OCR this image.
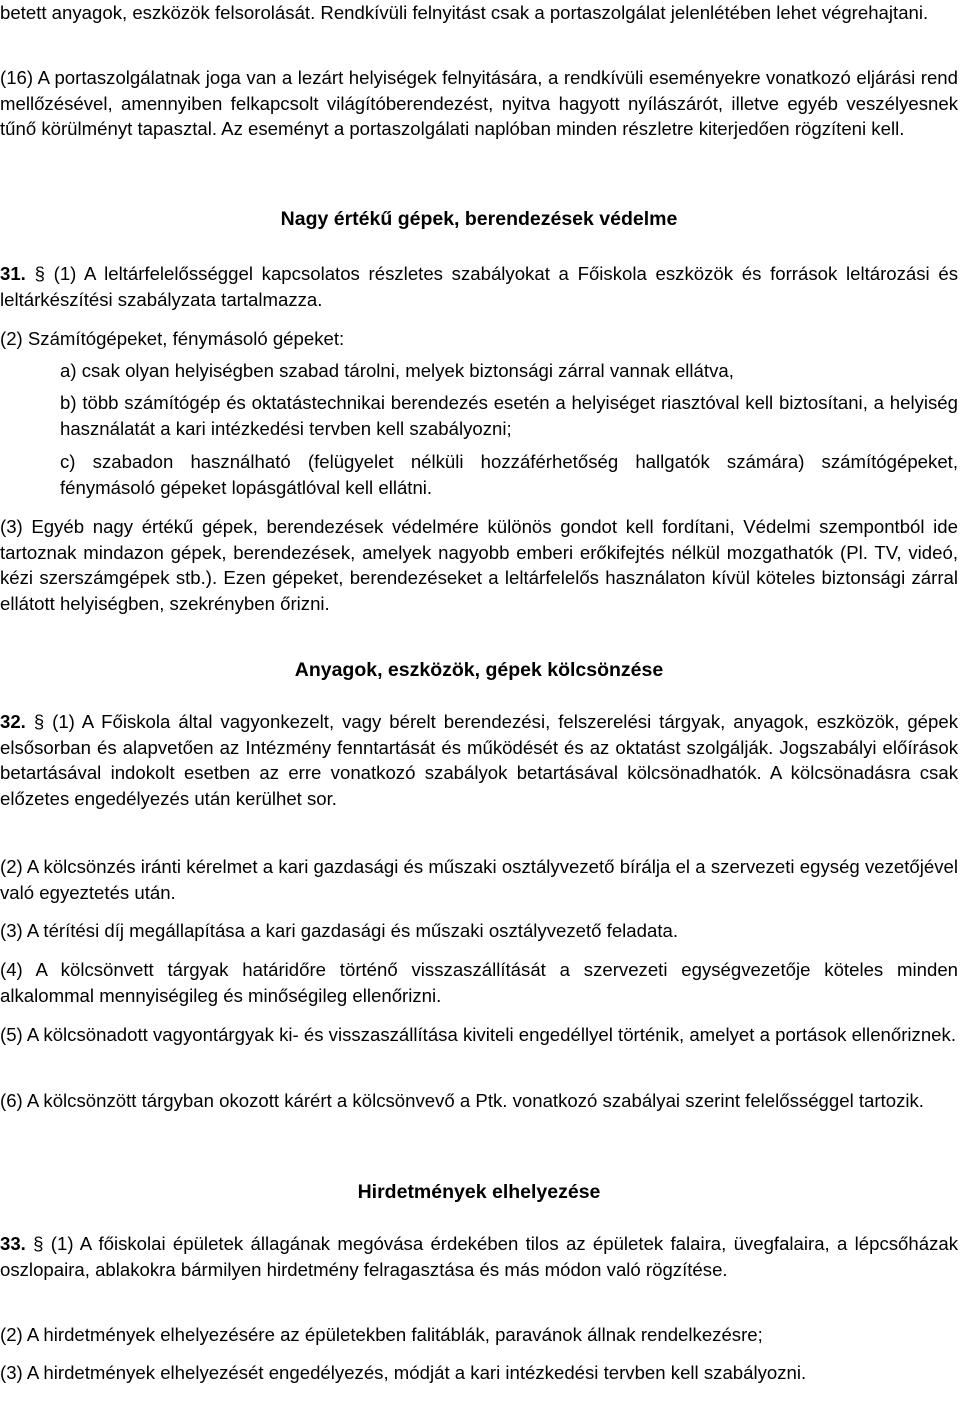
betett anyagok, eszközök felsorolását. Rendkívüli felnyitást csak a portaszolgálat jelenlétében lehet végrehajtani.

(16) A portaszolgálatnak joga van a lezárt helyiségek felnyitására, a rendkívüli eseményekre vonatkozó eljárási rend mellőzésével, amennyiben felkapcsolt világítóberendezést, nyitva hagyott nyílászárót, illetve egyéb veszélyesnek tűnő körülményt tapasztal. Az eseményt a portaszolgálati naplóban minden részletre kiterjedően rögzíteni kell.

Nagy értékű gépek, berendezések védelme

31. § (1) A leltárfelelősséggel kapcsolatos részletes szabályokat a Főiskola eszközök és források leltározási és leltárkészítési szabályzata tartalmazza.

(2) Számítógépeket, fénymásoló gépeket:

a) csak olyan helyiségben szabad tárolni, melyek biztonsági zárral vannak ellátva,

b) több számítógép és oktatástechnikai berendezés esetén a helyiséget riasztóval kell biztosítani, a helyiség használatát a kari intézkedési tervben kell szabályozni;

c) szabadon használható (felügyelet nélküli hozzáférhetőség hallgatók számára) számítógépeket, fénymásoló gépeket lopásgátlóval kell ellátni.

(3) Egyéb nagy értékű gépek, berendezések védelmére különös gondot kell fordítani, Védelmi szempontból ide tartoznak mindazon gépek, berendezések, amelyek nagyobb emberi erőkifejtés nélkül mozgathatók (Pl. TV, videó, kézi szerszámgépek stb.). Ezen gépeket, berendezéseket a leltárfelelős használaton kívül köteles biztonsági zárral ellátott helyiségben, szekrényben őrizni.

Anyagok, eszközök, gépek kölcsönzése

32. § (1) A Főiskola által vagyonkezelt, vagy bérelt berendezési, felszerelési tárgyak, anyagok, eszközök, gépek elsősorban és alapvetően az Intézmény fenntartását és működését és az oktatást szolgálják. Jogszabályi előírások betartásával indokolt esetben az erre vonatkozó szabályok betartásával kölcsönadhatók. A kölcsönadásra csak előzetes engedélyezés után kerülhet sor.

(2) A kölcsönzés iránti kérelmet a kari gazdasági és műszaki osztályvezető bírálja el a szervezeti egység vezetőjével való egyeztetés után.

(3) A térítési díj megállapítása a kari gazdasági és műszaki osztályvezető feladata.

(4) A kölcsönvett tárgyak határidőre történő visszaszállítását a szervezeti egységvezetője köteles minden alkalommal mennyiségileg és minőségileg ellenőrizni.

(5) A kölcsönadott vagyontárgyak ki- és visszaszállítása kiviteli engedéllyel történik, amelyet a portások ellenőriznek.

(6) A kölcsönzött tárgyban okozott kárért a kölcsönvevő a Ptk. vonatkozó szabályai szerint felelősséggel tartozik.

Hirdetmények elhelyezése

33. § (1) A főiskolai épületek állagának megóvása érdekében tilos az épületek falaira, üvegfalaira, a lépcsőházak oszlopaira, ablakokra bármilyen hirdetmény felragasztása és más módon való rögzítése.

(2) A hirdetmények elhelyezésére az épületekben falitáblák, paravánok állnak rendelkezésre;

(3) A hirdetmények elhelyezését engedélyezés, módját a kari intézkedési tervben kell szabályozni.
